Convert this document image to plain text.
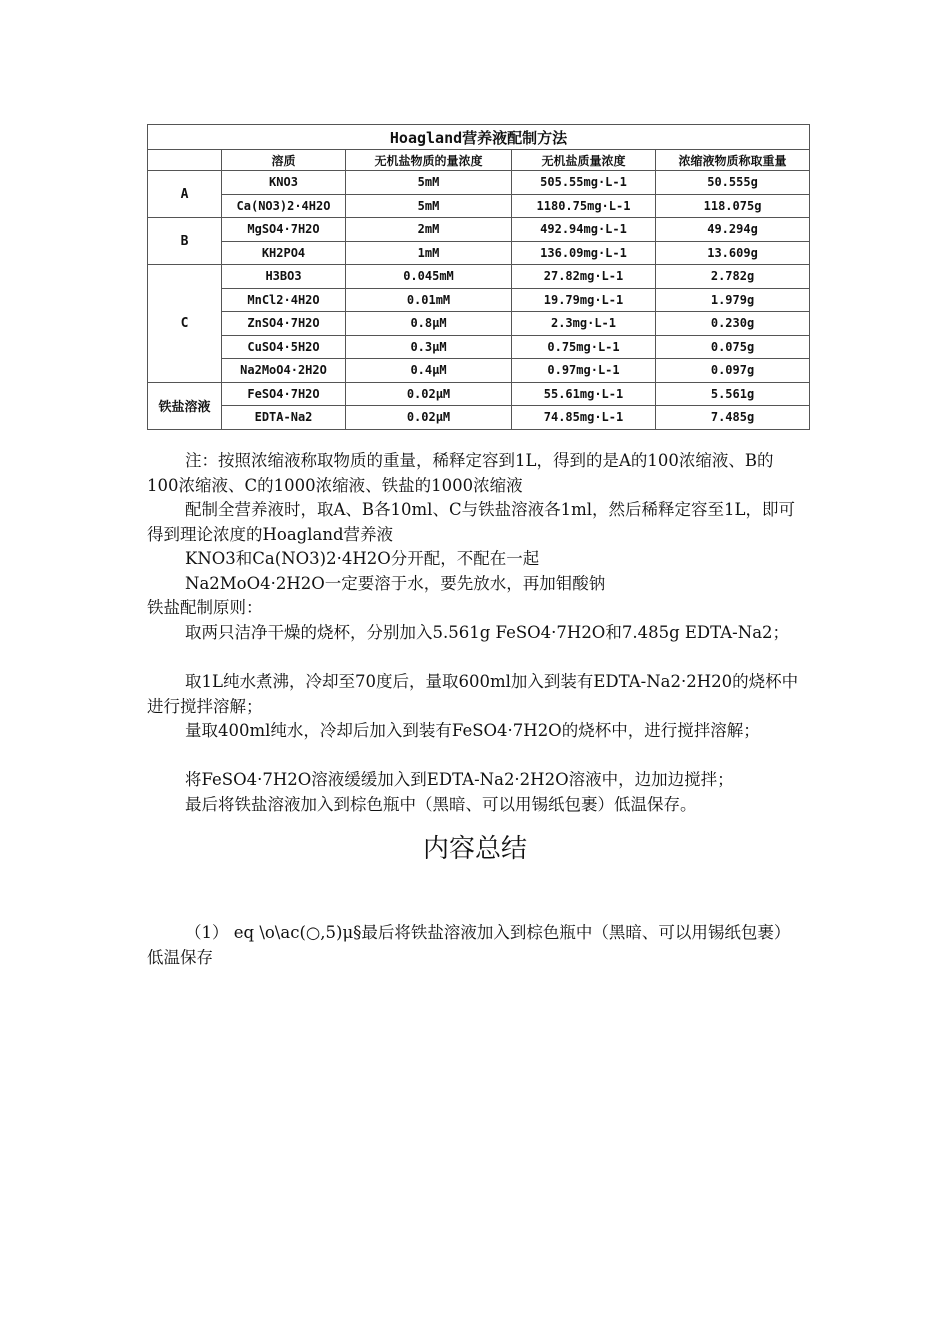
Hoagland营养液配制方法				
	溶质	无机盐物质的量浓度	无机盐质量浓度	浓缩液物质称取重量
A	KNO3	5mM	505.55mg·L-1	50.555g
	Ca(NO3)2·4H2O	5mM	1180.75mg·L-1	118.075g
B	MgSO4·7H2O	2mM	492.94mg·L-1	49.294g
	KH2PO4	1mM	136.09mg·L-1	13.609g
C	H3BO3	0.045mM	27.82mg·L-1	2.782g
	MnCl2·4H2O	0.01mM	19.79mg·L-1	1.979g
	ZnSO4·7H2O	0.8μM	2.3mg·L-1	0.230g
	CuSO4·5H2O	0.3μM	0.75mg·L-1	0.075g
	Na2MoO4·2H2O	0.4μM	0.97mg·L-1	0.097g
铁盐溶液	FeSO4·7H2O	0.02μM	55.61mg·L-1	5.561g
	EDTA-Na2	0.02μM	74.85mg·L-1	7.485g
注：按照浓缩液称取物质的重量，稀释定容到1L，得到的是A的100浓缩液、B的100浓缩液、C的1000浓缩液、铁盐的1000浓缩液
配制全营养液时，取A、B各10ml、C与铁盐溶液各1ml，然后稀释定容至1L，即可得到理论浓度的Hoagland营养液
KNO3和Ca(NO3)2·4H2O分开配，不配在一起
Na2MoO4·2H2O一定要溶于水，要先放水，再加钼酸钠
铁盐配制原则：
取两只洁净干燥的烧杯，分别加入5.561g FeSO4·7H2O和7.485g EDTA-Na2；
取1L纯水煮沸，冷却至70度后，量取600ml加入到装有EDTA-Na2·2H20的烧杯中进行搅拌溶解；
量取400ml纯水，冷却后加入到装有FeSO4·7H2O的烧杯中，进行搅拌溶解；
将FeSO4·7H2O溶液缓缓加入到EDTA-Na2·2H2O溶液中，边加边搅拌；
最后将铁盐溶液加入到棕色瓶中（黑暗、可以用锡纸包裹）低温保存。
内容总结
（1） eq \o\ac(○,5)μ§最后将铁盐溶液加入到棕色瓶中（黑暗、可以用锡纸包裹）低温保存
